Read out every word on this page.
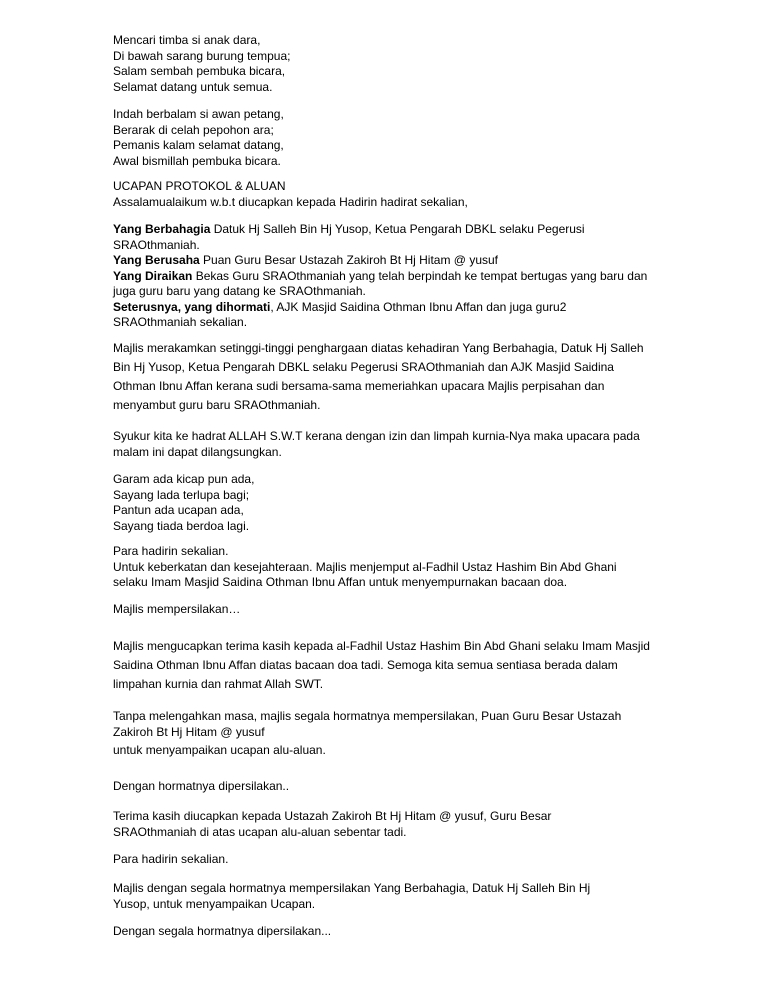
Mencari timba si anak dara,

Di bawah sarang burung tempua;

Salam sembah pembuka bicara,

Selamat datang untuk semua.

Indah berbalam si awan petang,

Berarak di celah pepohon ara;

Pemanis kalam selamat datang,

Awal bismillah pembuka bicara.

UCAPAN PROTOKOL & ALUAN

Assalamualaikum w.b.t diucapkan kepada Hadirin hadirat sekalian,

Yang Berbahagia Datuk Hj Salleh Bin Hj Yusop, Ketua Pengarah DBKL selaku Pegerusi SRAOthmaniah.

Yang Berusaha Puan Guru Besar Ustazah Zakiroh Bt Hj Hitam @ yusuf

Yang Diraikan Bekas Guru SRAOthmaniah yang telah berpindah ke tempat bertugas yang baru dan juga guru baru yang datang ke SRAOthmaniah.

Seterusnya, yang dihormati, AJK Masjid Saidina Othman Ibnu Affan dan juga guru2 SRAOthmaniah sekalian.

Majlis merakamkan setinggi-tinggi penghargaan diatas kehadiran Yang Berbahagia, Datuk Hj Salleh Bin Hj Yusop, Ketua Pengarah DBKL selaku Pegerusi SRAOthmaniah dan AJK Masjid Saidina Othman Ibnu Affan kerana sudi bersama-sama memeriahkan upacara Majlis perpisahan dan menyambut guru baru SRAOthmaniah.

Syukur kita ke hadrat ALLAH S.W.T kerana dengan izin dan limpah kurnia-Nya maka upacara pada malam ini dapat dilangsungkan.

Garam ada kicap pun ada,

Sayang lada terlupa bagi;

Pantun ada ucapan ada,

Sayang tiada berdoa lagi.

Para hadirin sekalian.
Untuk keberkatan dan kesejahteraan. Majlis menjemput al-Fadhil Ustaz Hashim Bin Abd Ghani selaku Imam Masjid Saidina Othman Ibnu Affan untuk menyempurnakan bacaan doa.

Majlis mempersilakan…

Majlis mengucapkan terima kasih kepada al-Fadhil Ustaz Hashim Bin Abd Ghani selaku Imam Masjid Saidina Othman Ibnu Affan diatas bacaan doa tadi. Semoga kita semua sentiasa berada dalam limpahan kurnia dan rahmat Allah SWT.

Tanpa melengahkan masa, majlis segala hormatnya mempersilakan, Puan Guru Besar Ustazah Zakiroh Bt Hj Hitam @ yusuf

untuk menyampaikan ucapan alu-aluan.

Dengan hormatnya dipersilakan..

Terima kasih diucapkan kepada Ustazah Zakiroh Bt Hj Hitam @ yusuf, Guru Besar SRAOthmaniah di atas ucapan alu-aluan sebentar tadi.

Para hadirin sekalian.

Majlis dengan segala hormatnya mempersilakan Yang Berbahagia, Datuk Hj Salleh Bin Hj Yusop, untuk menyampaikan Ucapan.

Dengan segala hormatnya dipersilakan...
